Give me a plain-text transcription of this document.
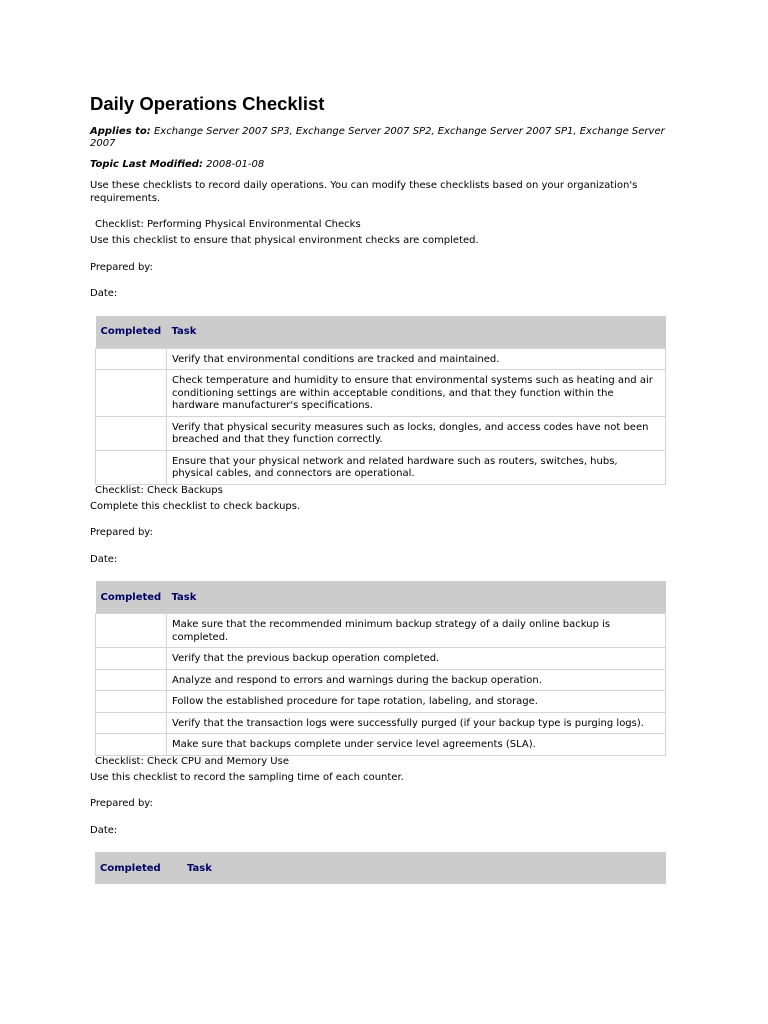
Daily Operations Checklist
Applies to: Exchange Server 2007 SP3, Exchange Server 2007 SP2, Exchange Server 2007 SP1, Exchange Server 2007
Topic Last Modified: 2008-01-08
Use these checklists to record daily operations. You can modify these checklists based on your organization's requirements.
Checklist: Performing Physical Environmental Checks
Use this checklist to ensure that physical environment checks are completed.
Prepared by:
Date:
Completed	Task
	Verify that environmental conditions are tracked and maintained.
	Check temperature and humidity to ensure that environmental systems such as heating and air conditioning settings are within acceptable conditions, and that they function within the hardware manufacturer's specifications.
	Verify that physical security measures such as locks, dongles, and access codes have not been breached and that they function correctly.
	Ensure that your physical network and related hardware such as routers, switches, hubs, physical cables, and connectors are operational.
Checklist: Check Backups
Complete this checklist to check backups.
Prepared by:
Date:
Completed	Task
	Make sure that the recommended minimum backup strategy of a daily online backup is completed.
	Verify that the previous backup operation completed.
	Analyze and respond to errors and warnings during the backup operation.
	Follow the established procedure for tape rotation, labeling, and storage.
	Verify that the transaction logs were successfully purged (if your backup type is purging logs).
	Make sure that backups complete under service level agreements (SLA).
Checklist: Check CPU and Memory Use
Use this checklist to record the sampling time of each counter.
Prepared by:
Date:
Completed	Task
